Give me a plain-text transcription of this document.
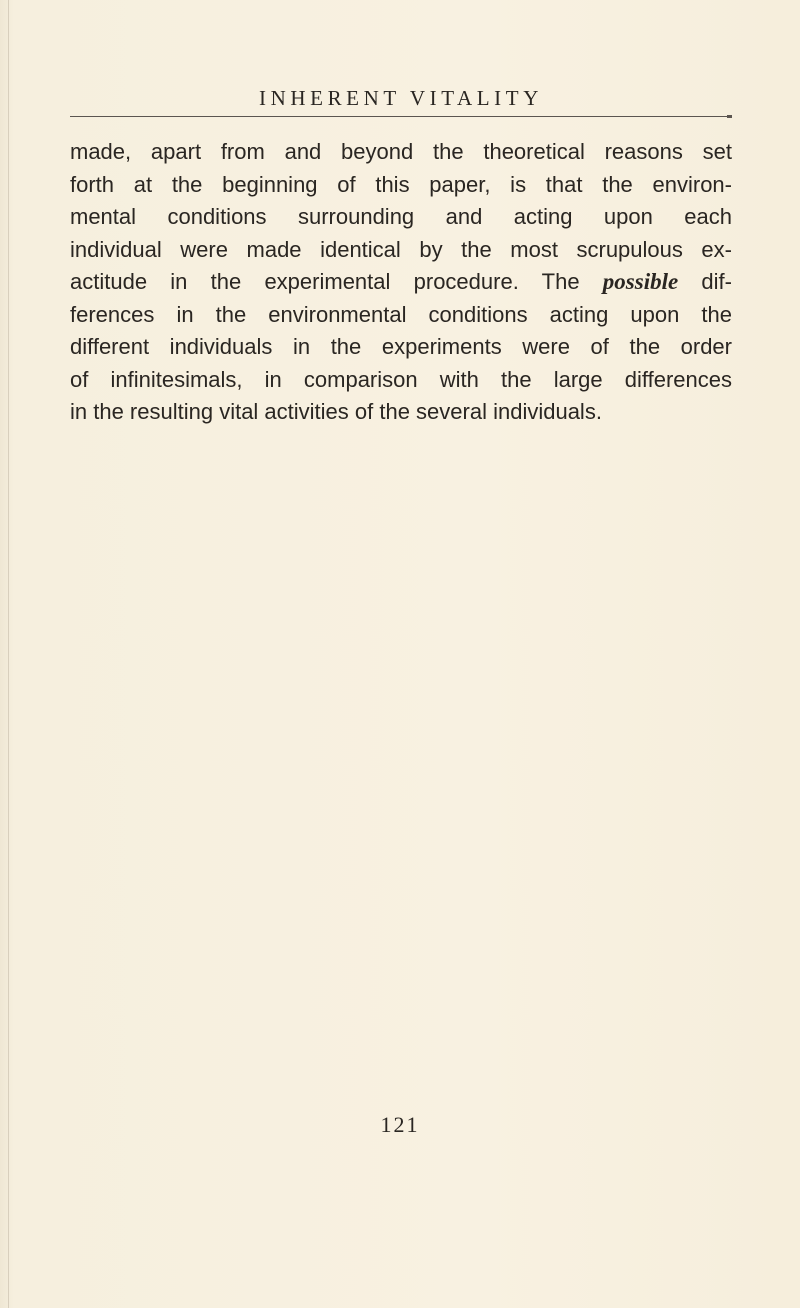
INHERENT VITALITY
made, apart from and beyond the theoretical reasons set
forth at the beginning of this paper, is that the environ-
mental conditions surrounding and acting upon each
individual were made identical by the most scrupulous ex-
actitude in the experimental procedure. The possible dif-
ferences in the environmental conditions acting upon the
different individuals in the experiments were of the order
of infinitesimals, in comparison with the large differences
in the resulting vital activities of the several individuals.
121
